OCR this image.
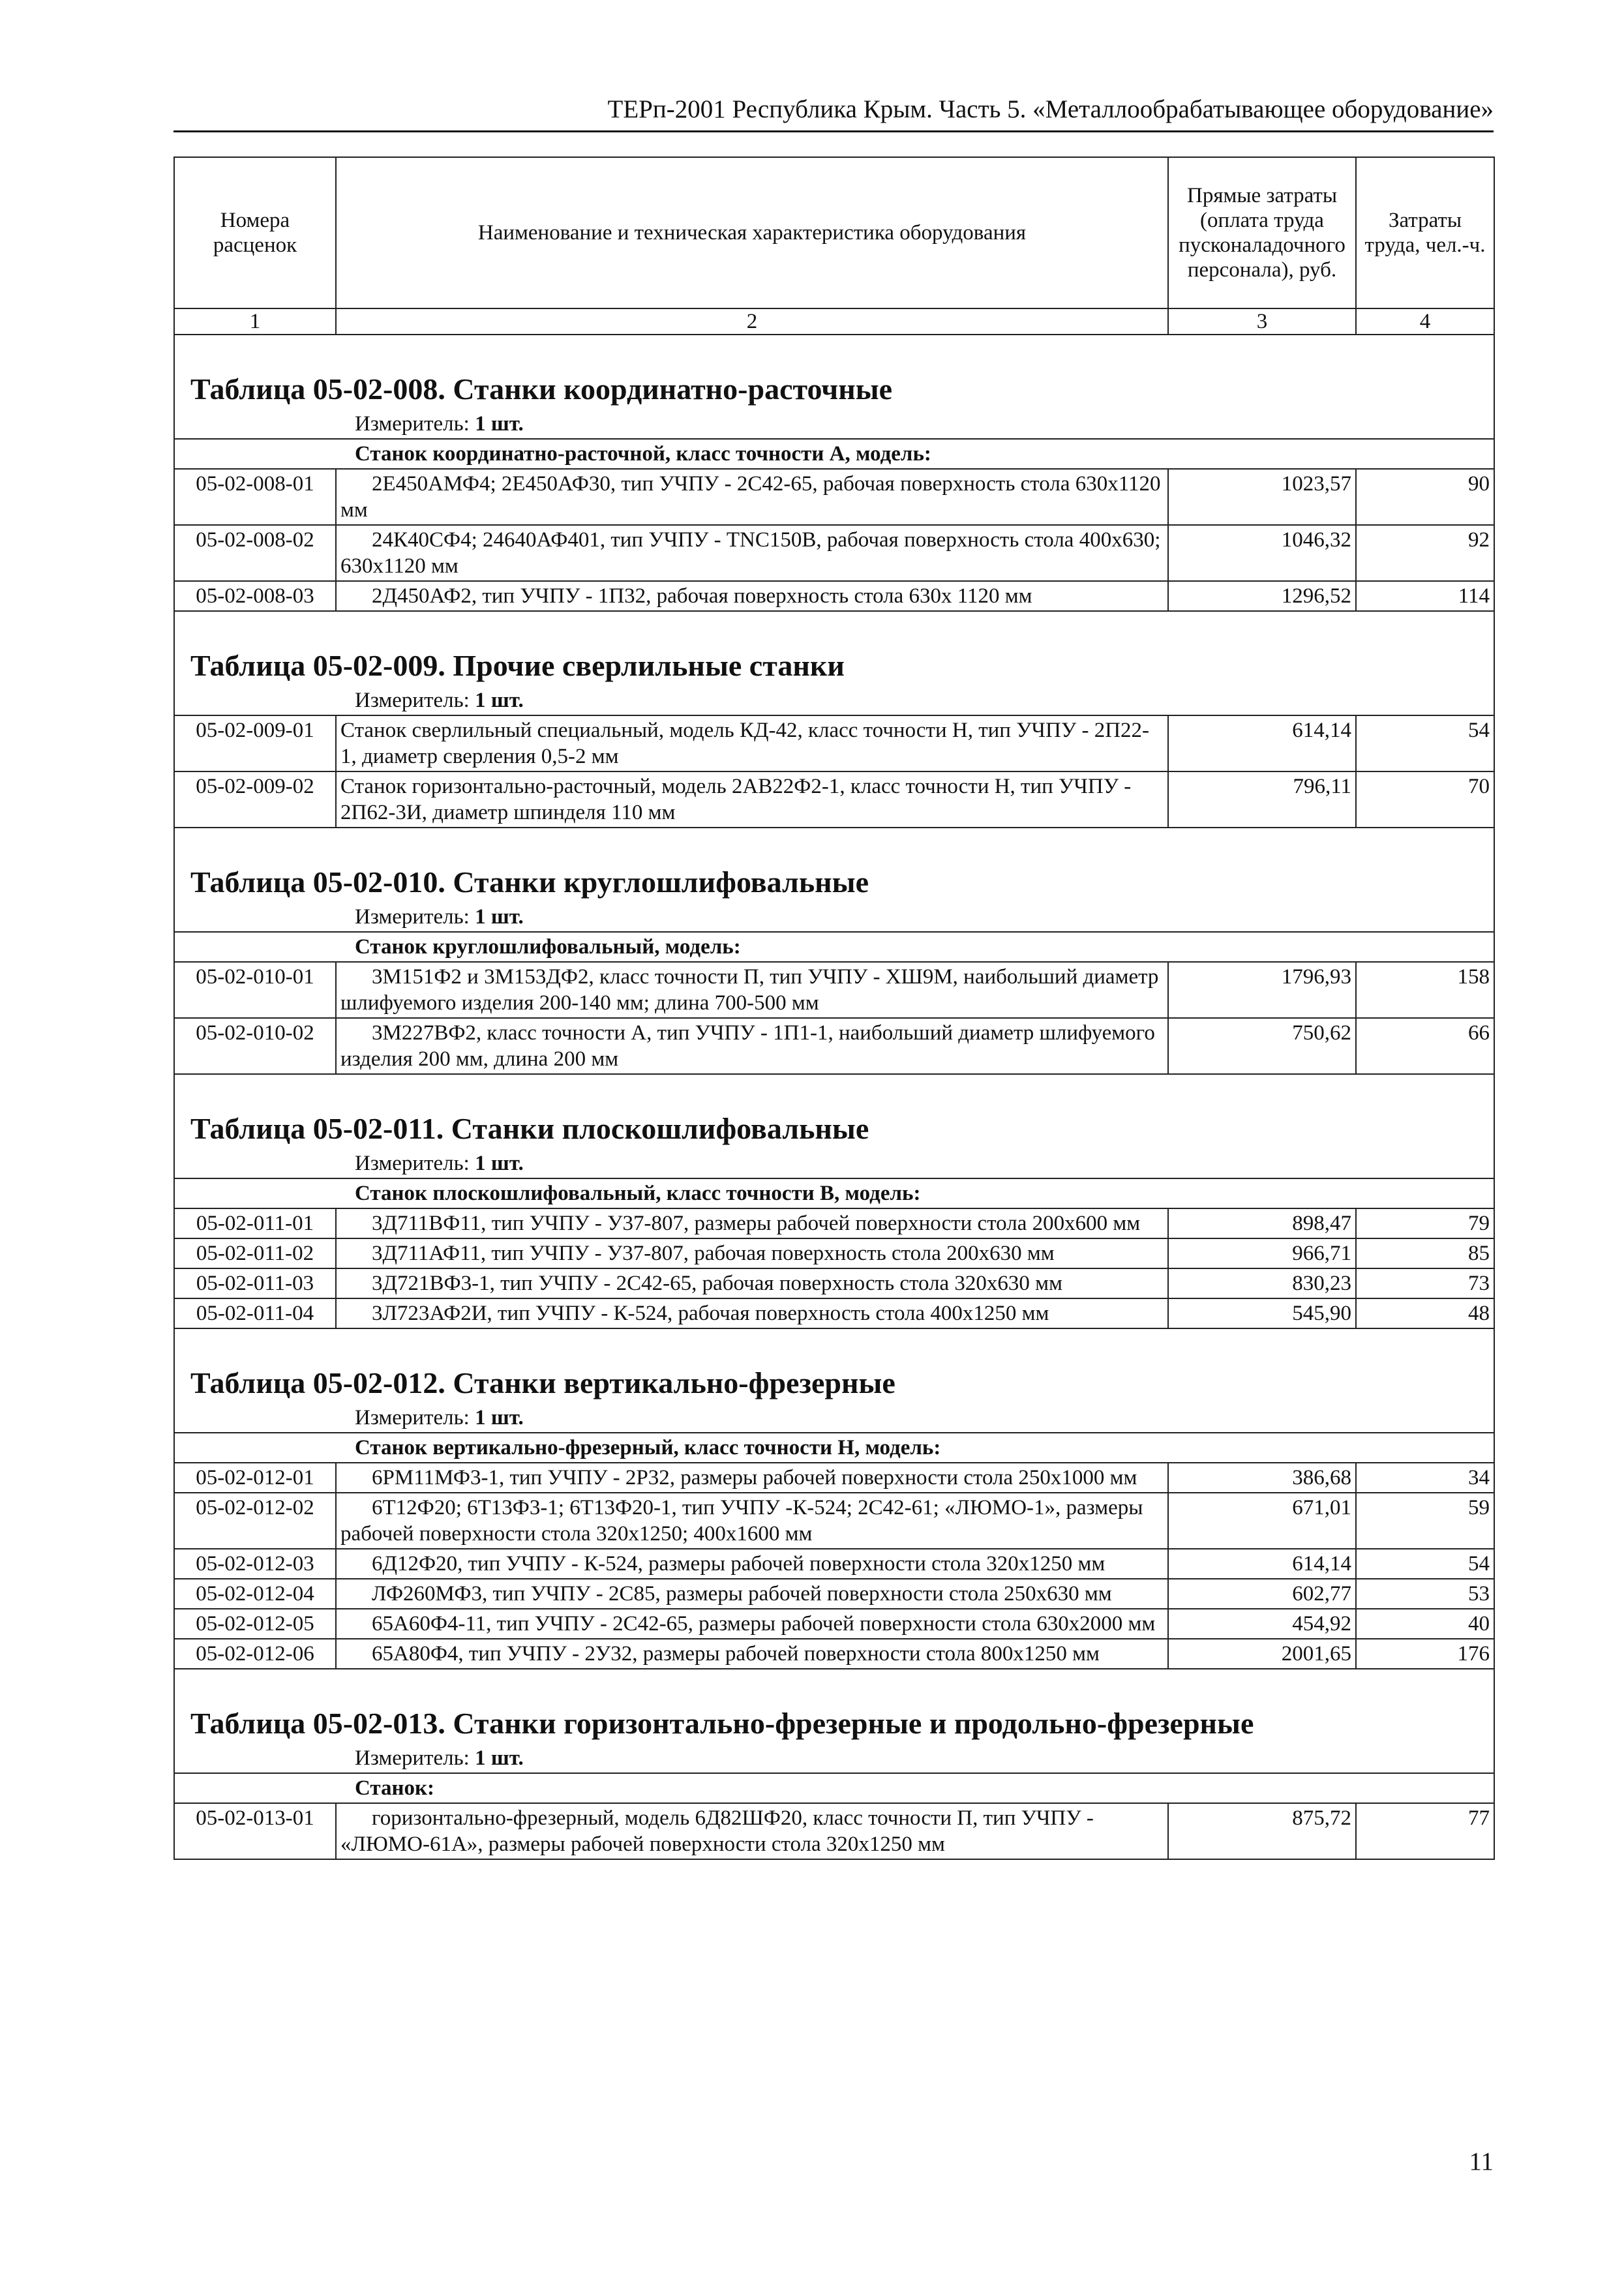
ТЕРп-2001 Республика Крым. Часть 5. «Металлообрабатывающее оборудование»
Номера расценок	Наименование и техническая характеристика оборудования	Прямые затраты (оплата труда пусконаладочного персонала), руб.	Затраты труда, чел.-ч.
1	2	3	4

Таблица 05-02-008. Станки координатно-расточные			

Измеритель: 1 шт.			
Станок координатно-расточной, класс точности А, модель:			
05-02-008-01	2Е450АМФ4; 2Е450АФ30, тип УЧПУ - 2С42-65, рабочая поверхность стола 630х1120 мм	1023,57	90
05-02-008-02	24К40СФ4; 24640АФ401, тип УЧПУ - TNC150B, рабочая поверхность стола 400х630; 630х1120 мм	1046,32	92
05-02-008-03	2Д450АФ2, тип УЧПУ - 1П32, рабочая поверхность стола 630х 1120 мм	1296,52	114

Таблица 05-02-009. Прочие сверлильные станки			

Измеритель: 1 шт.			
05-02-009-01	Станок сверлильный специальный, модель КД-42, класс точности Н, тип УЧПУ - 2П22-1, диаметр сверления 0,5-2 мм	614,14	54
05-02-009-02	Станок горизонтально-расточный, модель 2АВ22Ф2-1, класс точности Н, тип УЧПУ - 2П62-3И, диаметр шпинделя 110 мм	796,11	70

Таблица 05-02-010. Станки круглошлифовальные			

Измеритель: 1 шт.			
Станок круглошлифовальный, модель:			
05-02-010-01	3М151Ф2 и 3М153ДФ2, класс точности П, тип УЧПУ - ХШ9М, наибольший диаметр шлифуемого изделия 200-140 мм; длина 700-500 мм	1796,93	158
05-02-010-02	3М227ВФ2, класс точности А, тип УЧПУ - 1П1-1, наибольший диаметр шлифуемого изделия 200 мм, длина 200 мм	750,62	66

Таблица 05-02-011. Станки плоскошлифовальные			

Измеритель: 1 шт.			
Станок плоскошлифовальный, класс точности В, модель:			
05-02-011-01	3Д711ВФ11, тип УЧПУ - У37-807, размеры рабочей поверхности стола 200х600 мм	898,47	79
05-02-011-02	3Д711АФ11, тип УЧПУ - У37-807, рабочая поверхность стола 200х630 мм	966,71	85
05-02-011-03	3Д721ВФ3-1, тип УЧПУ - 2С42-65, рабочая поверхность стола 320х630 мм	830,23	73
05-02-011-04	3Л723АФ2И, тип УЧПУ - К-524, рабочая поверхность стола 400х1250 мм	545,90	48

Таблица 05-02-012. Станки вертикально-фрезерные			

Измеритель: 1 шт.			
Станок вертикально-фрезерный, класс точности Н, модель:			
05-02-012-01	6РМ11МФ3-1, тип УЧПУ - 2Р32, размеры рабочей поверхности стола 250х1000 мм	386,68	34
05-02-012-02	6Т12Ф20; 6Т13Ф3-1; 6Т13Ф20-1, тип УЧПУ -К-524; 2С42-61; «ЛЮМО-1», размеры рабочей поверхности стола 320х1250; 400х1600 мм	671,01	59
05-02-012-03	6Д12Ф20, тип УЧПУ - К-524, размеры рабочей поверхности стола 320х1250 мм	614,14	54
05-02-012-04	ЛФ260МФ3, тип УЧПУ - 2С85, размеры рабочей поверхности стола 250х630 мм	602,77	53
05-02-012-05	65А60Ф4-11, тип УЧПУ - 2С42-65, размеры рабочей поверхности стола 630х2000 мм	454,92	40
05-02-012-06	65А80Ф4, тип УЧПУ - 2У32, размеры рабочей поверхности стола 800х1250 мм	2001,65	176

Таблица 05-02-013. Станки горизонтально-фрезерные и продольно-фрезерные			

Измеритель: 1 шт.			
Станок:			
05-02-013-01	горизонтально-фрезерный, модель 6Д82ШФ20, класс точности П, тип УЧПУ - «ЛЮМО-61А», размеры рабочей поверхности стола 320х1250 мм	875,72	77
11
